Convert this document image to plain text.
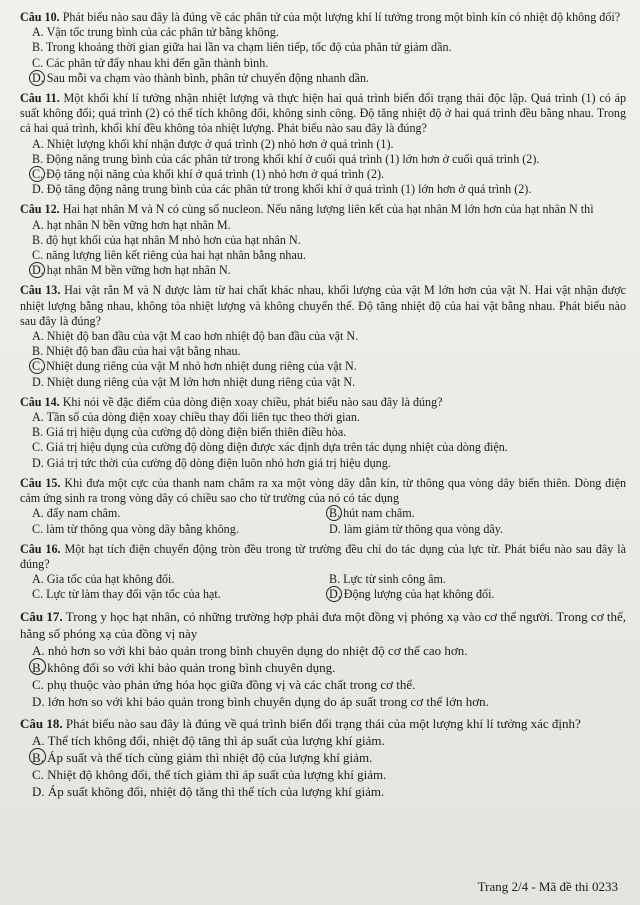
Câu 10. Phát biểu nào sau đây là đúng về các phân tử của một lượng khí lí tưởng trong một bình kín có nhiệt độ không đổi?

A. Vận tốc trung bình của các phân tử bằng không.

B. Trong khoảng thời gian giữa hai lần va chạm liên tiếp, tốc độ của phân tử giảm dần.

C. Các phân tử đẩy nhau khi đến gần thành bình.

D. Sau mỗi va chạm vào thành bình, phân tử chuyển động nhanh dần.

Câu 11. Một khối khí lí tưởng nhận nhiệt lượng và thực hiện hai quá trình biến đổi trạng thái độc lập. Quá trình (1) có áp suất không đổi; quá trình (2) có thể tích không đổi, không sinh công. Độ tăng nhiệt độ ở hai quá trình đều bằng nhau. Trong cả hai quá trình, khối khí đều không tỏa nhiệt lượng. Phát biểu nào sau đây là đúng?

A. Nhiệt lượng khối khí nhận được ở quá trình (2) nhỏ hơn ở quá trình (1).

B. Động năng trung bình của các phân tử trong khối khí ở cuối quá trình (1) lớn hơn ở cuối quá trình (2).

C. Độ tăng nội năng của khối khí ở quá trình (1) nhỏ hơn ở quá trình (2).

D. Độ tăng động năng trung bình của các phân tử trong khối khí ở quá trình (1) lớn hơn ở quá trình (2).

Câu 12. Hai hạt nhân M và N có cùng số nucleon. Nếu năng lượng liên kết của hạt nhân M lớn hơn của hạt nhân N thì

A. hạt nhân N bền vững hơn hạt nhân M.

B. độ hụt khối của hạt nhân M nhỏ hơn của hạt nhân N.

C. năng lượng liên kết riêng của hai hạt nhân bằng nhau.

D. hạt nhân M bền vững hơn hạt nhân N.

Câu 13. Hai vật rắn M và N được làm từ hai chất khác nhau, khối lượng của vật M lớn hơn của vật N. Hai vật nhận được nhiệt lượng bằng nhau, không tỏa nhiệt lượng và không chuyển thể. Độ tăng nhiệt độ của hai vật bằng nhau. Phát biểu nào sau đây là đúng?

A. Nhiệt độ ban đầu của vật M cao hơn nhiệt độ ban đầu của vật N.

B. Nhiệt độ ban đầu của hai vật bằng nhau.

C. Nhiệt dung riêng của vật M nhỏ hơn nhiệt dung riêng của vật N.

D. Nhiệt dung riêng của vật M lớn hơn nhiệt dung riêng của vật N.

Câu 14. Khi nói về đặc điểm của dòng điện xoay chiều, phát biểu nào sau đây là đúng?

A. Tần số của dòng điện xoay chiều thay đổi liên tục theo thời gian.

B. Giá trị hiệu dụng của cường độ dòng điện biến thiên điều hòa.

C. Giá trị hiệu dụng của cường độ dòng điện được xác định dựa trên tác dụng nhiệt của dòng điện.

D. Giá trị tức thời của cường độ dòng điện luôn nhỏ hơn giá trị hiệu dụng.

Câu 15. Khi đưa một cực của thanh nam châm ra xa một vòng dây dẫn kín, từ thông qua vòng dây biến thiên. Dòng điện cảm ứng sinh ra trong vòng dây có chiều sao cho từ trường của nó có tác dụng

A. đẩy nam châm.	B. hút nam châm.

C. làm từ thông qua vòng dây bằng không.	D. làm giảm từ thông qua vòng dây.

Câu 16. Một hạt tích điện chuyển động tròn đều trong từ trường đều chỉ do tác dụng của lực từ. Phát biểu nào sau đây là đúng?

A. Gia tốc của hạt không đổi.	B. Lực từ sinh công âm.

C. Lực từ làm thay đổi vận tốc của hạt.	D. Động lượng của hạt không đổi.

Câu 17. Trong y học hạt nhân, có những trường hợp phải đưa một đồng vị phóng xạ vào cơ thể người. Trong cơ thể, hằng số phóng xạ của đồng vị này

A. nhỏ hơn so với khi bảo quản trong bình chuyên dụng do nhiệt độ cơ thể cao hơn.

B. không đổi so với khi bảo quản trong bình chuyên dụng.

C. phụ thuộc vào phản ứng hóa học giữa đồng vị và các chất trong cơ thể.

D. lớn hơn so với khi bảo quản trong bình chuyên dụng do áp suất trong cơ thể lớn hơn.

Câu 18. Phát biểu nào sau đây là đúng về quá trình biến đổi trạng thái của một lượng khí lí tưởng xác định?

A. Thể tích không đổi, nhiệt độ tăng thì áp suất của lượng khí giảm.

B. Áp suất và thể tích cùng giảm thì nhiệt độ của lượng khí giảm.

C. Nhiệt độ không đổi, thể tích giảm thì áp suất của lượng khí giảm.

D. Áp suất không đổi, nhiệt độ tăng thì thể tích của lượng khí giảm.

Trang 2/4 - Mã đề thi 0233
